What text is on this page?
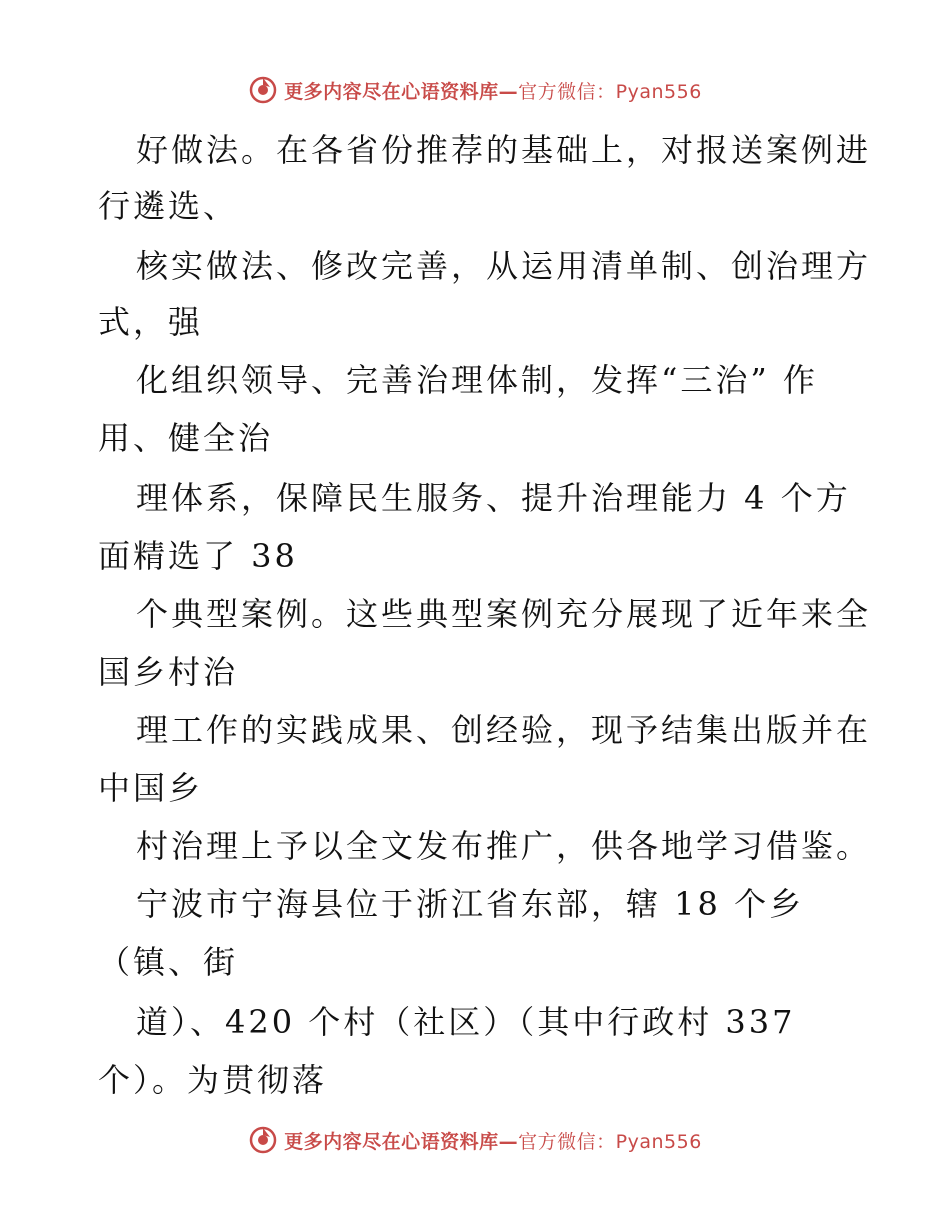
更多内容尽在心语资料库—官方微信：Pyan556
好做法。在各省份推荐的基础上，对报送案例进
行遴选、
核实做法、修改完善，从运用清单制、创治理方
式，强
化组织领导、完善治理体制，发挥“三治” 作
用、健全治
理体系，保障民生服务、提升治理能力 4 个方
面精选了 38
个典型案例。这些典型案例充分展现了近年来全
国乡村治
理工作的实践成果、创经验，现予结集出版并在
中国乡
村治理上予以全文发布推广，供各地学习借鉴。
宁波市宁海县位于浙江省东部，辖 18 个乡
（镇、街
道）、420 个村（社区）（其中行政村 337
个）。为贯彻落
更多内容尽在心语资料库—官方微信：Pyan556
